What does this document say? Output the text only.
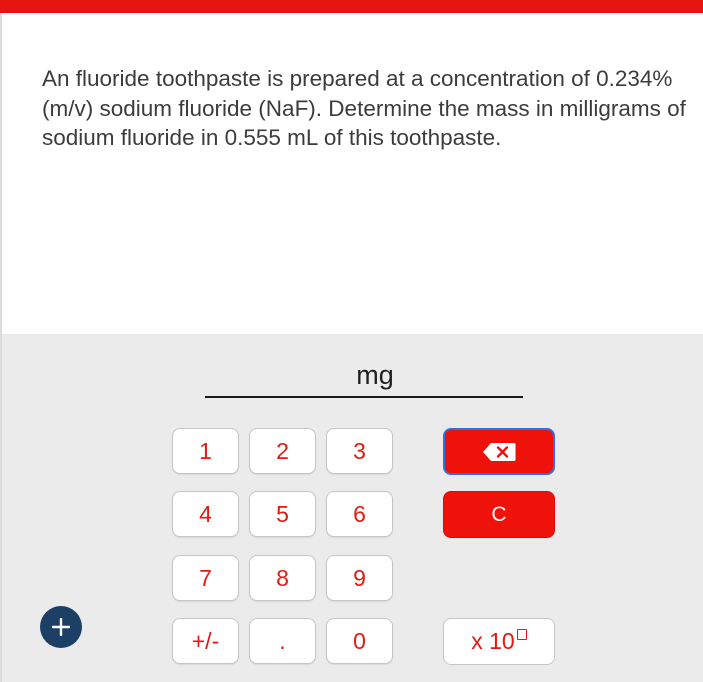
An fluoride toothpaste is prepared at a concentration of 0.234% (m/v) sodium fluoride (NaF). Determine the mass in milligrams of sodium fluoride in 0.555 mL of this toothpaste.
mg
1	2	3
4	5	6
7	8	9
+/-	.	0
C
x 10
